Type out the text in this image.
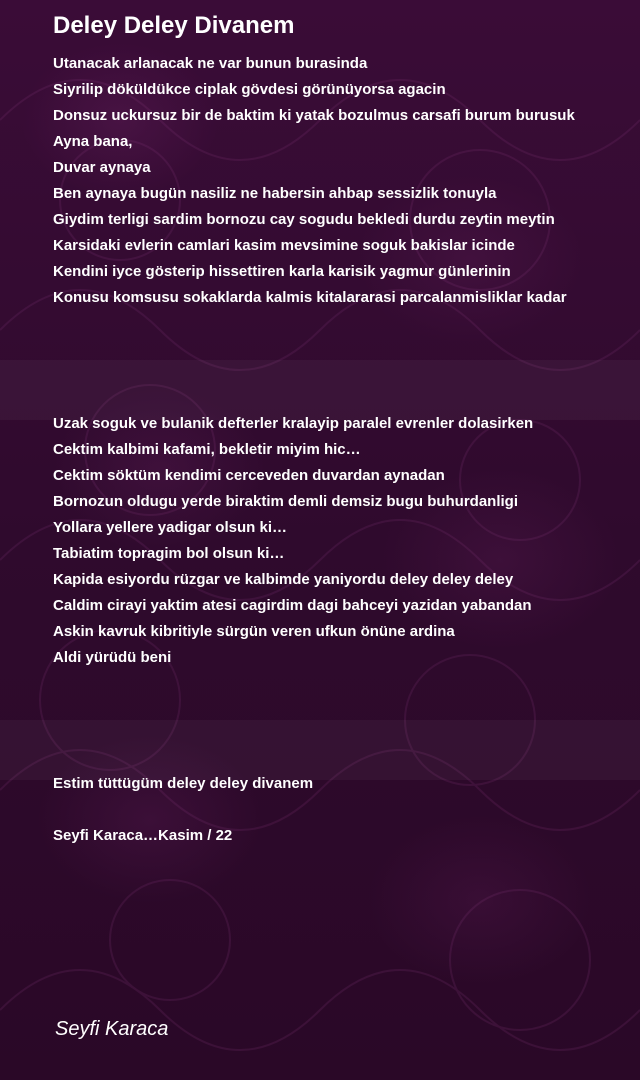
Deley Deley Divanem
Utanacak arlanacak ne var bunun burasinda
Siyrilip döküldükce ciplak gövdesi görünüyorsa agacin
Donsuz uckursuz bir de baktim ki yatak bozulmus carsafi burum burusuk
Ayna bana,
Duvar aynaya
Ben aynaya bugün nasiliz ne habersin ahbap sessizlik tonuyla
Giydim terligi sardim bornozu cay sogudu bekledi durdu zeytin meytin
Karsidaki evlerin camlari kasim mevsimine soguk bakislar icinde
Kendini iyce gösterip hissettiren karla karisik yagmur günlerinin
Konusu komsusu sokaklarda kalmis kitalararasi parcalanmisliklar kadar
Uzak soguk ve bulanik defterler kralayip paralel evrenler dolasirken
Cektim kalbimi kafami, bekletir miyim hic…
Cektim söktüm kendimi cerceveden duvardan aynadan
Bornozun oldugu yerde biraktim demli demsiz bugu buhurdanligi
Yollara yellere yadigar olsun ki…
Tabiatim topragim bol olsun ki…
Kapida esiyordu rüzgar ve kalbimde yaniyordu deley deley deley
Caldim cirayi yaktim atesi cagirdim dagi bahceyi yazidan yabandan
Askin kavruk kibritiyle sürgün veren ufkun önüne ardina
Aldi yürüdü beni
Estim tüttügüm deley deley divanem
Seyfi Karaca…Kasim / 22
Seyfi Karaca
